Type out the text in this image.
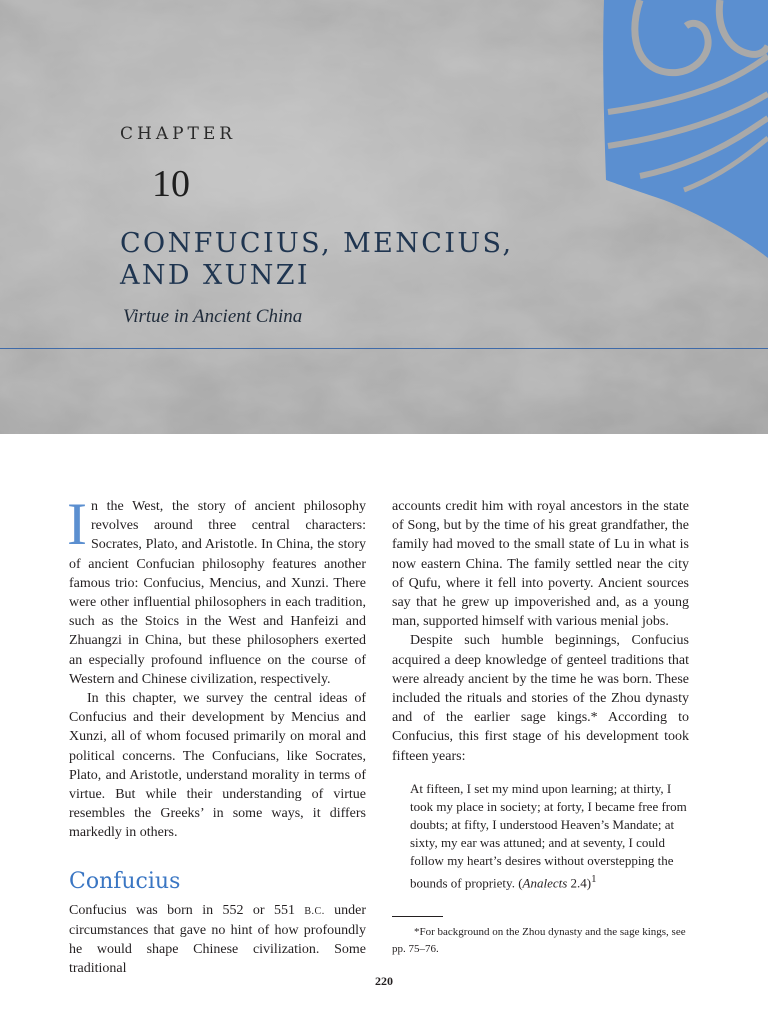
CHAPTER
10
CONFUCIUS, MENCIUS,
AND XUNZI
Virtue in Ancient China

In the West, the story of ancient philosophy revolves around three central characters: Socrates, Plato, and Aristotle. In China, the story of ancient Confucian philosophy features another famous trio: Confucius, Mencius, and Xunzi. There were other influential philosophers in each tradition, such as the Stoics in the West and Hanfeizi and Zhuangzi in China, but these philosophers exerted an especially profound influence on the course of Western and Chinese civilization, respectively.

In this chapter, we survey the central ideas of Confucius and their development by Mencius and Xunzi, all of whom focused primarily on moral and political concerns. The Confucians, like Socrates, Plato, and Aristotle, understand morality in terms of virtue. But while their understanding of virtue resembles the Greeks’ in some ways, it differs markedly in others.

Confucius

Confucius was born in 552 or 551 B.C. under circumstances that gave no hint of how profoundly he would shape Chinese civilization. Some traditional

accounts credit him with royal ancestors in the state of Song, but by the time of his great grandfather, the family had moved to the small state of Lu in what is now eastern China. The family settled near the city of Qufu, where it fell into poverty. Ancient sources say that he grew up impoverished and, as a young man, supported himself with various menial jobs.

Despite such humble beginnings, Confucius acquired a deep knowledge of genteel traditions that were already ancient by the time he was born. These included the rituals and stories of the Zhou dynasty and of the earlier sage kings.* According to Confucius, this first stage of his development took fifteen years:

At fifteen, I set my mind upon learning; at thirty, I took my place in society; at forty, I became free from doubts; at fifty, I understood Heaven’s Mandate; at sixty, my ear was attuned; and at seventy, I could follow my heart’s desires without overstepping the bounds of propriety. (Analects 2.4)$^1$

*For background on the Zhou dynasty and the sage kings, see pp. 75–76.
220
